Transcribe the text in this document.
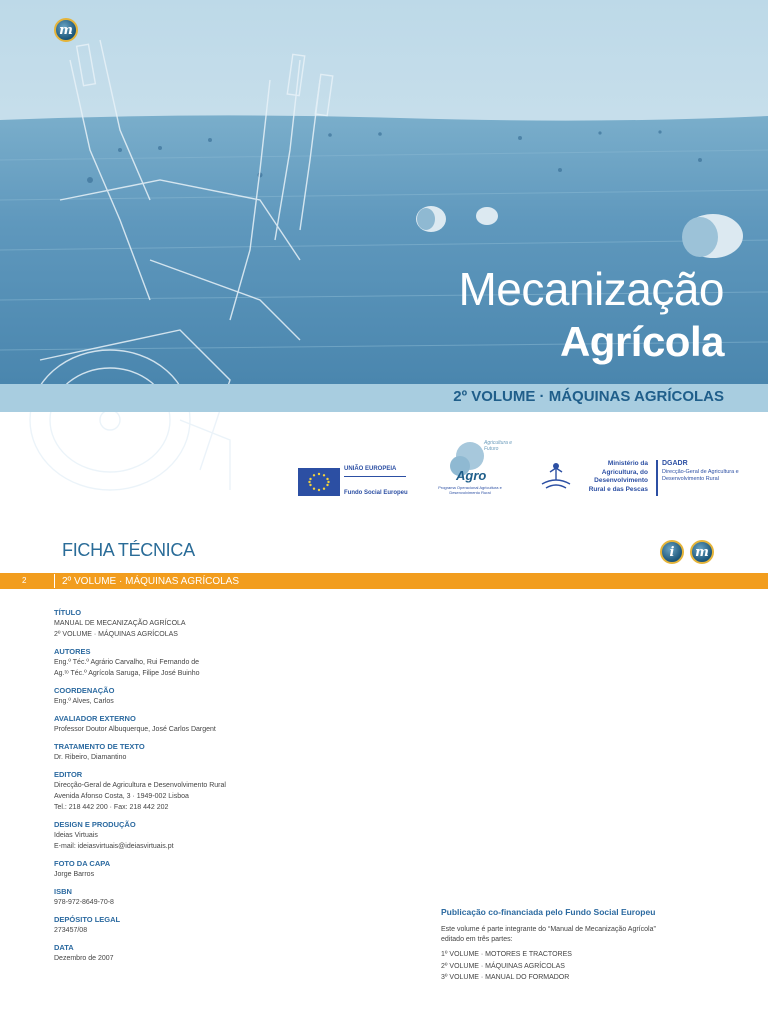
m
Mecanização
Agrícola
2º VOLUME · MÁQUINAS AGRÍCOLAS
UNIÃO EUROPEIA
Fundo Social Europeu
Agricultura e Futuro
Agro
Programa Operacional Agricultura e Desenvolvimento Rural
Ministério da Agricultura, do Desenvolvimento Rural e das Pescas
DGADR
Direcção-Geral de Agricultura e Desenvolvimento Rural
FICHA TÉCNICA	i m
2	2º VOLUME · MÁQUINAS AGRÍCOLAS
TÍTULO
MANUAL DE MECANIZAÇÃO AGRÍCOLA
2º VOLUME · MÁQUINAS AGRÍCOLAS
AUTORES
Eng.º Téc.º Agrário Carvalho, Rui Fernando de
Ag.ᵗᵒ Téc.º Agrícola Saruga, Filipe José Buinho
COORDENAÇÃO
Eng.º Alves, Carlos
AVALIADOR EXTERNO
Professor Doutor Albuquerque, José Carlos Dargent
TRATAMENTO DE TEXTO
Dr. Ribeiro, Diamantino
EDITOR
Direcção-Geral de Agricultura e Desenvolvimento Rural
Avenida Afonso Costa, 3 · 1949-002 Lisboa
Tel.: 218 442 200 · Fax: 218 442 202
DESIGN E PRODUÇÃO
Ideias Virtuais
E-mail: ideiasvirtuais@ideiasvirtuais.pt
FOTO DA CAPA
Jorge Barros
ISBN
978-972-8649-70-8
DEPÓSITO LEGAL
273457/08
DATA
Dezembro de 2007
Publicação co-financiada pelo Fundo Social Europeu
Este volume é parte integrante do “Manual de Mecanização Agrícola”
editado em três partes:
1º VOLUME · MOTORES E TRACTORES
2º VOLUME · MÁQUINAS AGRÍCOLAS
3º VOLUME · MANUAL DO FORMADOR
